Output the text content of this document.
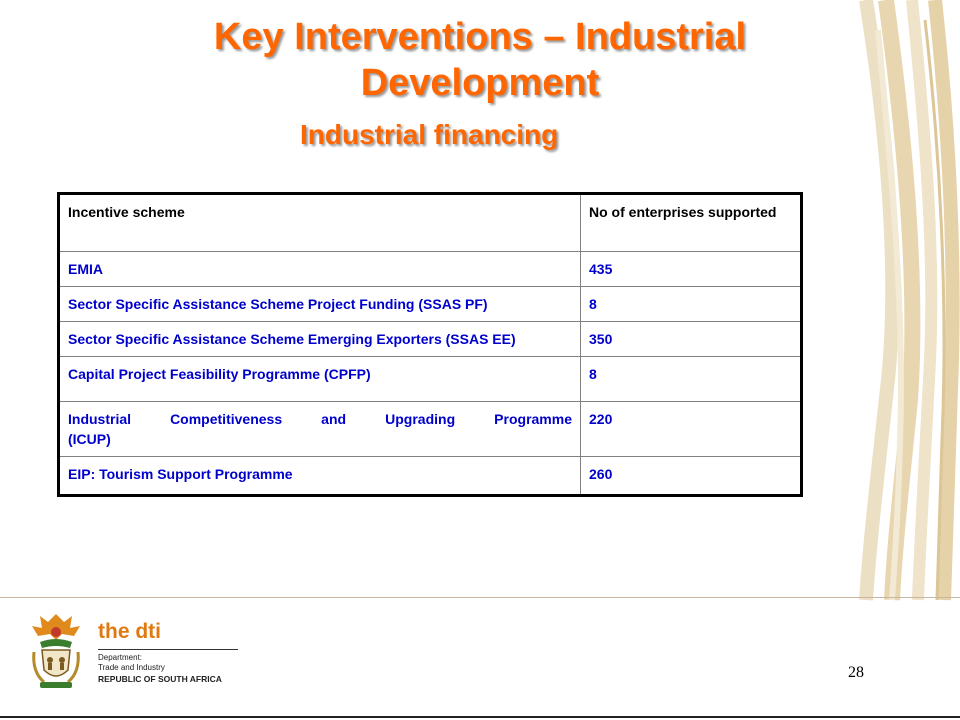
Key Interventions – Industrial
Development
Industrial financing
Incentive scheme	No of enterprises supported
EMIA	435
Sector Specific Assistance Scheme Project Funding (SSAS PF)	8
Sector Specific Assistance Scheme Emerging Exporters (SSAS EE)	350
Capital Project Feasibility Programme (CPFP)	8

Industrial Competitiveness and Upgrading Programme
(ICUP)	220
EIP: Tourism Support Programme	260
the dti
Department:
Trade and Industry
REPUBLIC OF SOUTH AFRICA	28
